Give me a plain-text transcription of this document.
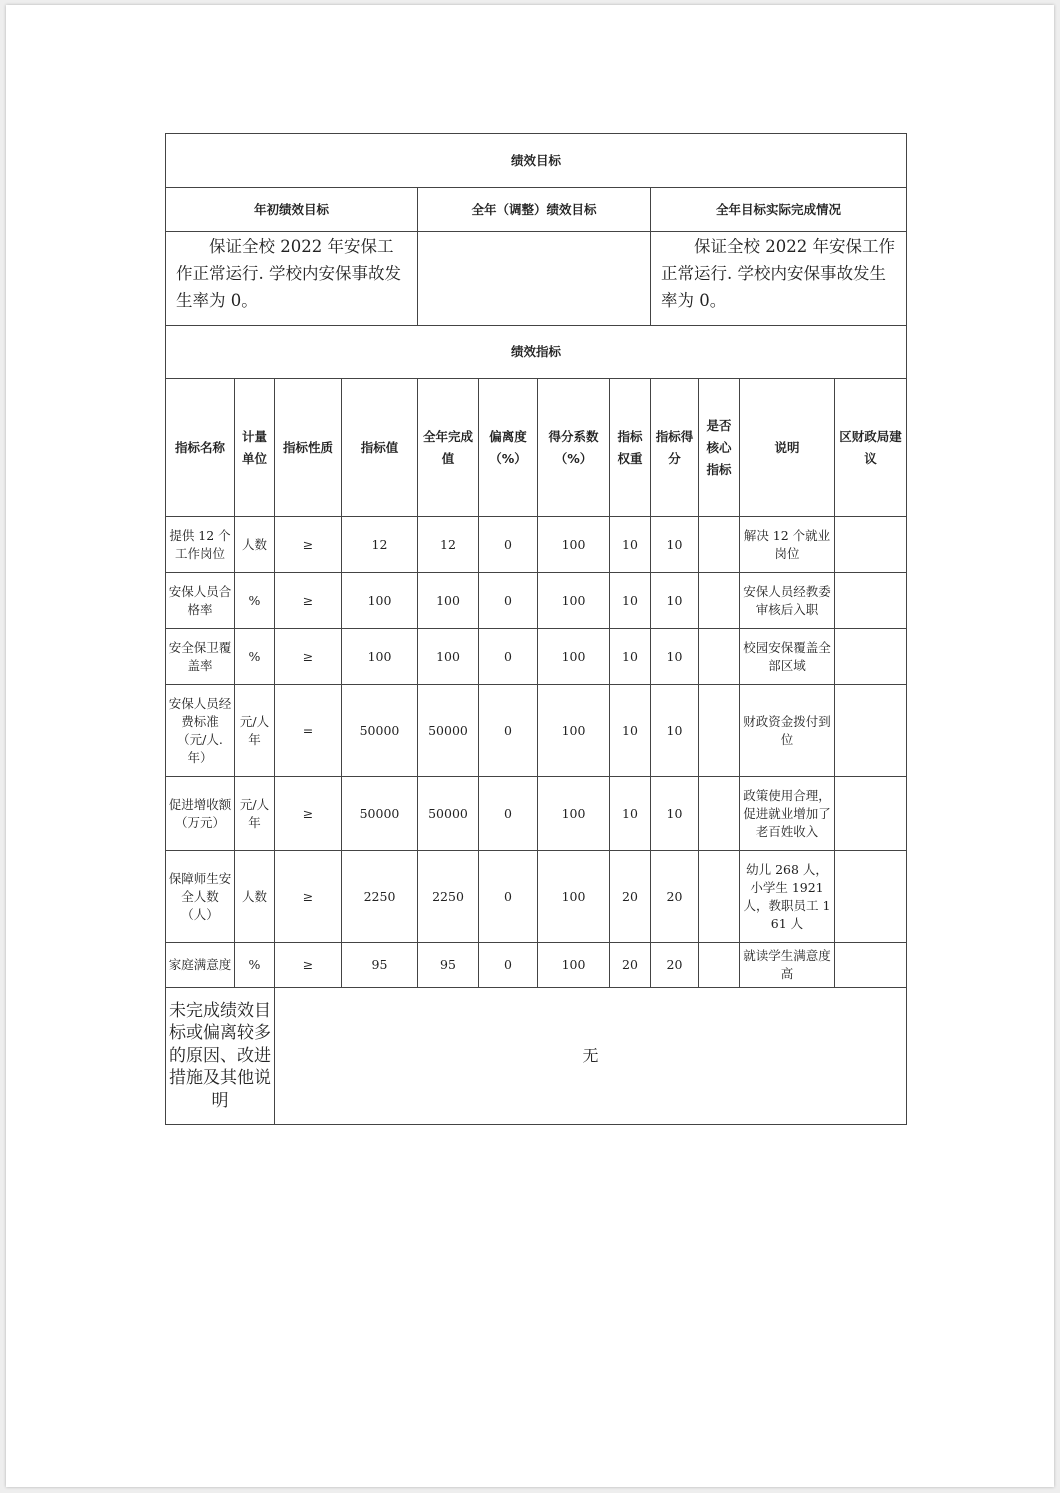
绩效目标											
年初绩效目标				全年（调整）绩效目标				全年目标实际完成情况			
保证全校 2022 年安保工作正常运行. 学校内安保事故发生率为 0。								保证全校 2022 年安保工作正常运行. 学校内安保事故发生率为 0。			
绩效指标											
指标名称	计量单位	指标性质	指标值	全年完成值	偏离度（%）	得分系数（%）	指标权重	指标得分	是否核心指标	说明	区财政局建议
提供 12 个工作岗位	人数	≥	12	12	0	100	10	10		解决 12 个就业岗位	
安保人员合格率	%	≥	100	100	0	100	10	10		安保人员经教委审核后入职	
安全保卫覆盖率	%	≥	100	100	0	100	10	10		校园安保覆盖全部区域	
安保人员经费标准（元/人. 年）	元/人年	=	50000	50000	0	100	10	10		财政资金拨付到位	
促进增收额（万元）	元/人年	≥	50000	50000	0	100	10	10		政策使用合理，促进就业增加了老百姓收入	
保障师生安全人数（人）	人数	≥	2250	2250	0	100	20	20		幼儿 268 人，小学生 1921 人，教职员工 161 人	
家庭满意度	%	≥	95	95	0	100	20	20		就读学生满意度高	
未完成绩效目标或偏离较多的原因、改进措施及其他说明		无									
